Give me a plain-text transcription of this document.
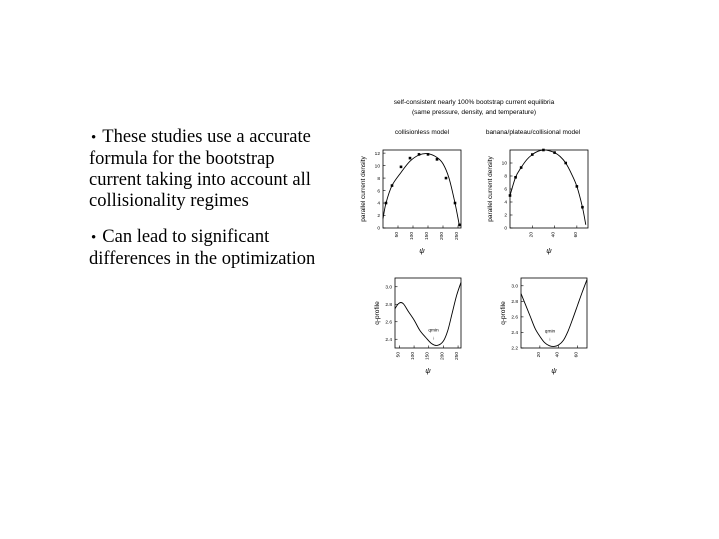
• These studies use a accurate
formula for the bootstrap
current taking into account all
collisionality regimes
• Can lead to significant
differences in the optimization
self-consistent nearly 100% bootstrap current equilibria
(same pressure, density, and temperature)
collisionless model
0
2
4
6
8
10
12
50 100 150 200 250
ψ
parallel current density
banana/plateau/collisional model
0
2
4
6
8
10
20	40	60
ψ
parallel current density
2.4
2.6
2.8
3.0
50 100 150 200 250
ψ
q-profile
qmin
↓
2.2
2.4
2.6
2.8
3.0
20	40	60
ψ
q-profile
qmin
↓
